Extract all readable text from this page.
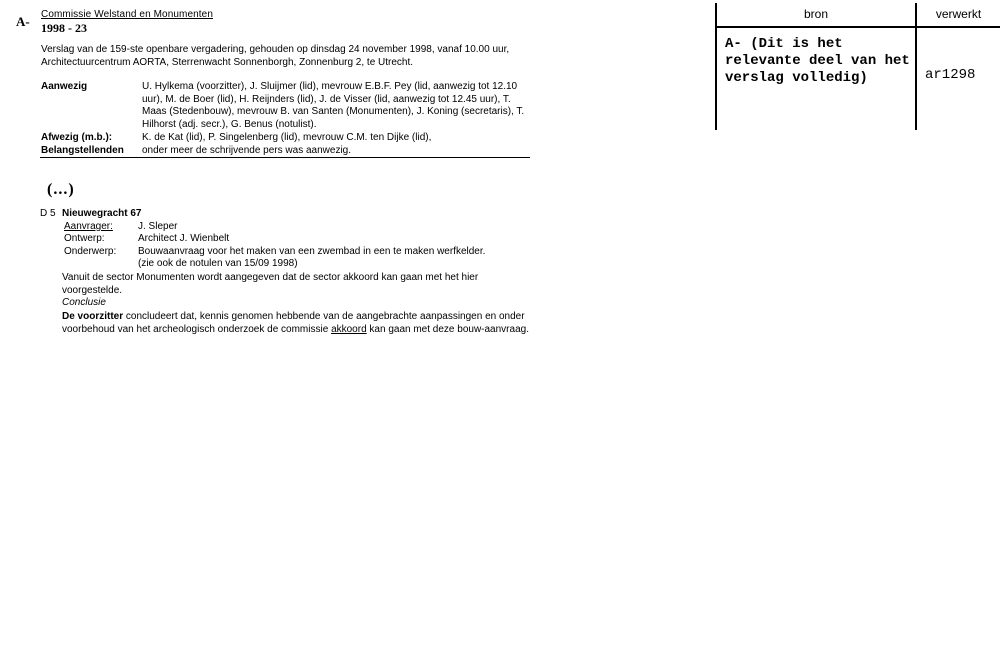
A- Commissie Welstand en Monumenten
1998 - 23
Verslag van de 159-ste openbare vergadering, gehouden op dinsdag 24 november 1998, vanaf 10.00 uur, Architectuurcentrum AORTA, Sterrenwacht Sonnenborgh, Zonnenburg 2, te Utrecht.
Aanwezig	U. Hylkema (voorzitter), J. Sluijmer (lid), mevrouw E.B.F. Pey (lid, aanwezig tot 12.10 uur), M. de Boer (lid), H. Reijnders (lid), J. de Visser (lid, aanwezig tot 12.45 uur), T. Maas (Stedenbouw), mevrouw B. van Santen (Monumenten), J. Koning (secretaris), T. Hilhorst (adj. secr.), G. Benus (notulist).
Afwezig (m.b.):	K. de Kat (lid), P. Singelenberg (lid), mevrouw C.M. ten Dijke (lid),
Belangstellenden onder meer de schrijvende pers was aanwezig.
(...)
D 5 Nieuwegracht 67
Aanvrager:	J. Sleper
Ontwerp:	Architect J. Wienbelt
Onderwerp: Bouwaanvraag voor het maken van een zwembad in een te maken werfkelder.
(zie ook de notulen van 15/09 1998)
Vanuit de sector Monumenten wordt aangegeven dat de sector akkoord kan gaan met het hier voorgestelde.
Conclusie
De voorzitter concludeert dat, kennis genomen hebbende van de aangebrachte aanpassingen en onder voorbehoud van het archeologisch onderzoek de commissie akkoord kan gaan met deze bouw-aanvraag.
bron	verwerkt
A- (Dit is het relevante deel van het verslag volledig)	ar1298
